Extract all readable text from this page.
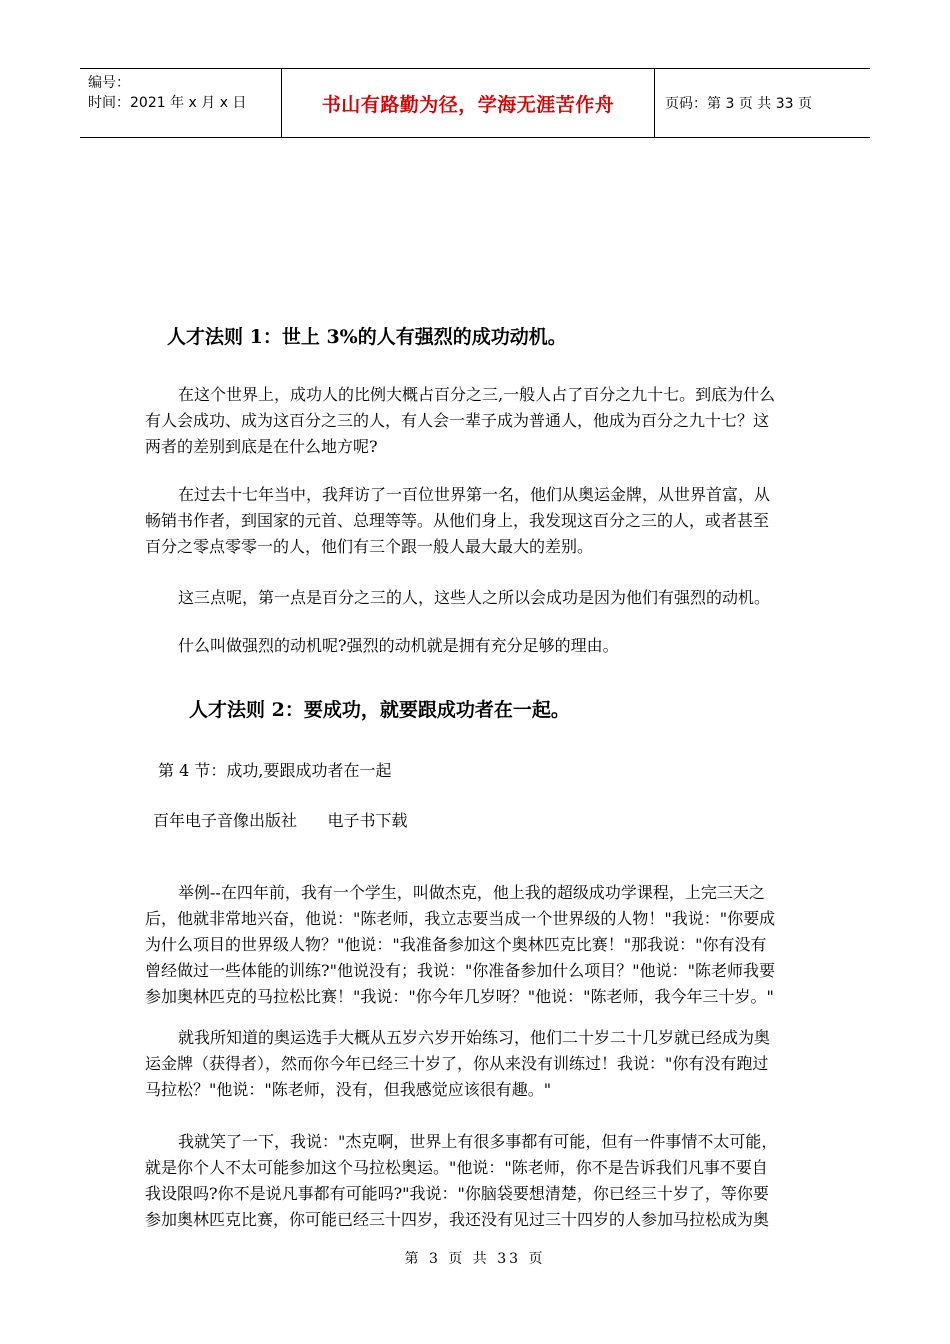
编号：
时间：2021 年 x 月 x 日	书山有路勤为径，学海无涯苦作舟	页码：第 3 页 共 33 页
人才法则 1：世上 3%的人有强烈的成功动机。
在这个世界上，成功人的比例大概占百分之三,一般人占了百分之九十七。到底为什么
有人会成功、成为这百分之三的人，有人会一辈子成为普通人，他成为百分之九十七？这
两者的差别到底是在什么地方呢?
在过去十七年当中，我拜访了一百位世界第一名，他们从奥运金牌，从世界首富，从
畅销书作者，到国家的元首、总理等等。从他们身上，我发现这百分之三的人，或者甚至
百分之零点零零一的人，他们有三个跟一般人最大最大的差别。
这三点呢，第一点是百分之三的人，这些人之所以会成功是因为他们有强烈的动机。
什么叫做强烈的动机呢?强烈的动机就是拥有充分足够的理由。
人才法则 2：要成功，就要跟成功者在一起。
第 4 节：成功,要跟成功者在一起
百年电子音像出版社      电子书下载
举例--在四年前，我有一个学生，叫做杰克，他上我的超级成功学课程，上完三天之
后，他就非常地兴奋，他说："陈老师，我立志要当成一个世界级的人物！"我说："你要成
为什么项目的世界级人物？"他说："我准备参加这个奥林匹克比赛！"那我说："你有没有
曾经做过一些体能的训练?"他说没有；我说："你准备参加什么项目？"他说："陈老师我要
参加奥林匹克的马拉松比赛！"我说："你今年几岁呀？"他说："陈老师，我今年三十岁。"
就我所知道的奥运选手大概从五岁六岁开始练习，他们二十岁二十几岁就已经成为奥
运金牌（获得者），然而你今年已经三十岁了，你从来没有训练过！我说："你有没有跑过
马拉松？"他说："陈老师，没有，但我感觉应该很有趣。"
我就笑了一下，我说："杰克啊，世界上有很多事都有可能，但有一件事情不太可能，
就是你个人不太可能参加这个马拉松奥运。"他说："陈老师，你不是告诉我们凡事不要自
我设限吗?你不是说凡事都有可能吗?"我说："你脑袋要想清楚，你已经三十岁了，等你要
参加奥林匹克比赛，你可能已经三十四岁，我还没有见过三十四岁的人参加马拉松成为奥
第 3 页 共 33 页
